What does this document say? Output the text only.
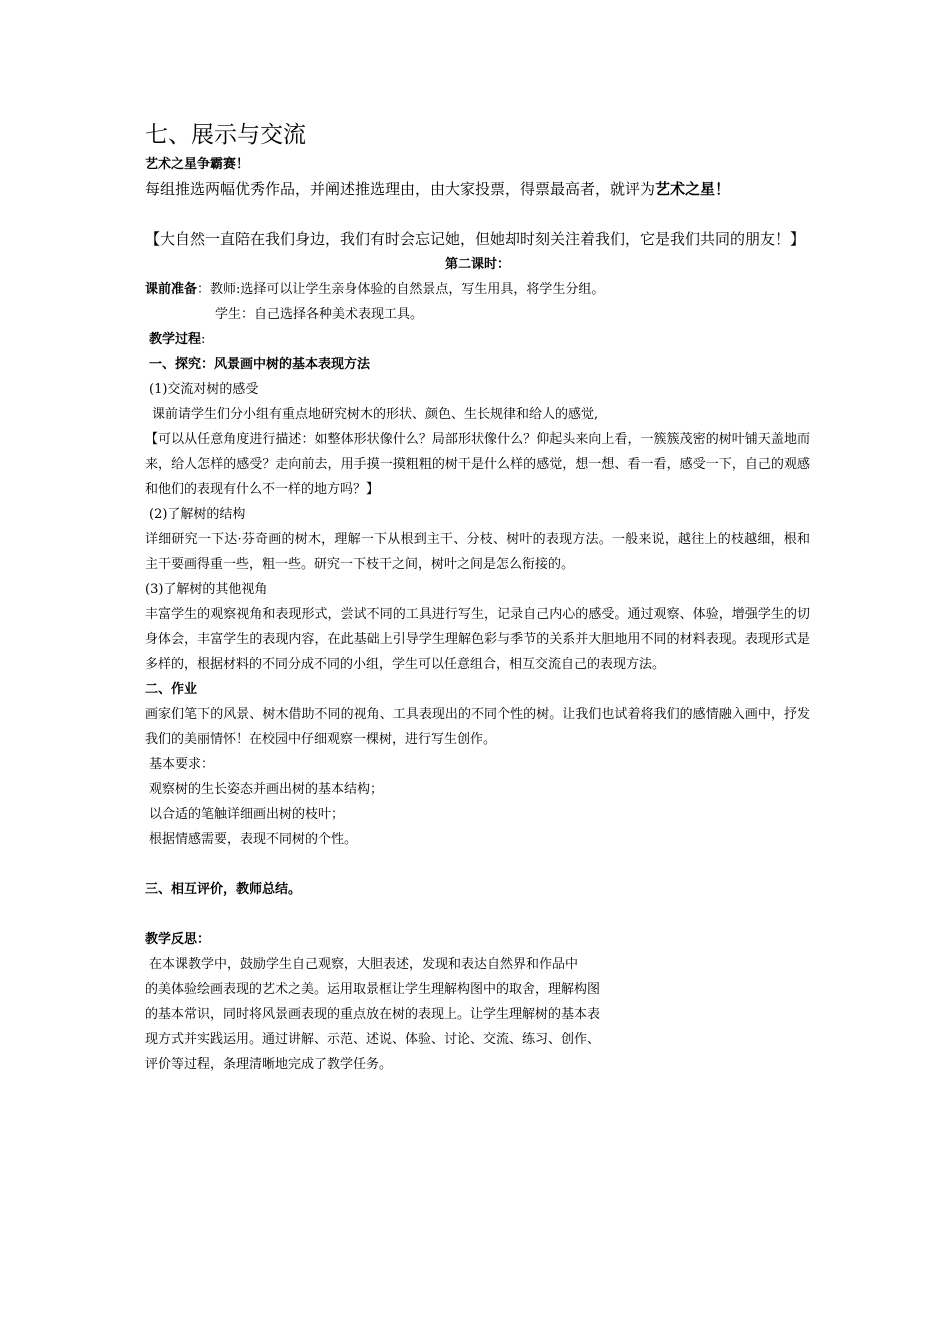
七、展示与交流

艺术之星争霸赛！

每组推选两幅优秀作品，并阐述推选理由，由大家投票，得票最高者，就评为艺术之星！

【大自然一直陪在我们身边，我们有时会忘记她，但她却时刻关注着我们，它是我们共同的朋友！】

第二课时：

课前准备：教师:选择可以让学生亲身体验的自然景点，写生用具，将学生分组。

学生：自己选择各种美术表现工具。

教学过程:

一、探究：风景画中树的基本表现方法

(1)交流对树的感受

课前请学生们分小组有重点地研究树木的形状、颜色、生长规律和给人的感觉,

【可以从任意角度进行描述：如整体形状像什么？局部形状像什么？仰起头来向上看，一簇簇茂密的树叶铺天盖地而来，给人怎样的感受？走向前去，用手摸一摸粗粗的树干是什么样的感觉，想一想、看一看，感受一下，自己的观感和他们的表现有什么不一样的地方吗？】

(2)了解树的结构

详细研究一下达·芬奇画的树木，理解一下从根到主干、分枝、树叶的表现方法。一般来说，越往上的枝越细，根和主干要画得重一些，粗一些。研究一下枝干之间，树叶之间是怎么衔接的。

(3)了解树的其他视角

丰富学生的观察视角和表现形式，尝试不同的工具进行写生，记录自己内心的感受。通过观察、体验，增强学生的切身体会，丰富学生的表现内容，在此基础上引导学生理解色彩与季节的关系并大胆地用不同的材料表现。表现形式是多样的，根据材料的不同分成不同的小组，学生可以任意组合，相互交流自己的表现方法。

二、作业

画家们笔下的风景、树木借助不同的视角、工具表现出的不同个性的树。让我们也试着将我们的感情融入画中，抒发我们的美丽情怀！在校园中仔细观察一棵树，进行写生创作。

基本要求：

观察树的生长姿态并画出树的基本结构；

以合适的笔触详细画出树的枝叶；

根据情感需要，表现不同树的个性。

三、相互评价，教师总结。

教学反思：

在本课教学中，鼓励学生自己观察，大胆表述，发现和表达自然界和作品中
的美体验绘画表现的艺术之美。运用取景框让学生理解构图中的取舍，理解构图
的基本常识，同时将风景画表现的重点放在树的表现上。让学生理解树的基本表
现方式并实践运用。通过讲解、示范、述说、体验、讨论、交流、练习、创作、
评价等过程，条理清晰地完成了教学任务。
